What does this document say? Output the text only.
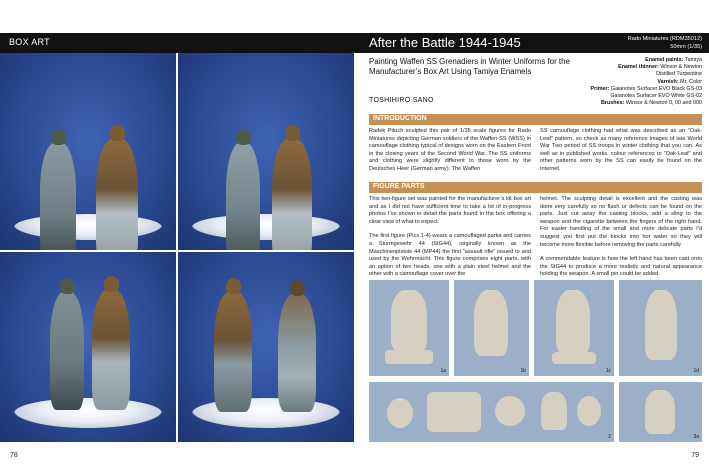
BOX ART
78
After the Battle 1944-1945	Rado Miniatures (RDM35012)
50mm (1/35)
Painting Waffen SS Grenadiers in Winter Uniforms for the Manufacturer’s Box Art Using Tamiya Enamels
TOSHIHIRO SANO
Enamel paints: Tamiya
Enamel thinner: Winsor & Newton
Distilled Turpentine
Varnish: Mr. Color
Primer: Gaianotes Surfacer EVO Black GS-03
Gaianotes Surfacer EVO White GS-02
Brushes: Winsor & Newton 0, 00 and 000
INTRODUCTION

Radek Pituch sculpted this pair of 1/35 scale figures for Rado Miniatures depicting German soldiers of the Waffen-SS (WSS) in camouflage clothing typical of designs worn on the Eastern Front in the closing years of the Second World War. The SS uniforms and clothing were slightly different to those worn by the Deutsches Heer (German army). The Waffen

SS camouflage clothing had what was described as an “Oak-Leaf” pattern, so check as many reference images of late World War Two period of SS troops in winter clothing that you can. As well as in published works, colour references to “Oak-Leaf” and other patterns worn by the SS can easily be found on the Internet.

FIGURE PARTS

This two-figure set was painted for the manufacturer’s kit box art and as I did not have sufficient time to take a lot of in-progress photos I’ve shown in detail the parts found in the box offering a clear view of what to expect.

The first figure (Pics 1-4) wears a camouflaged parka and carries a Sturmgewehr 44 (StG44), originally known as the Maschinenpistole 44 (MP44) the first “assault rifle” issued to and used by the Wehrmacht. This figure comprises eight parts, with an option of two heads, one with a plain steel helmet and the other with a camouflage cover over the

helmet. The sculpting detail is excellent and the casting was done very carefully so no flash or defects can be found on the parts. Just cut away the casting blocks, add a sling to the weapon and the cigarette between the fingers of the right hand. For easier handling of the small and more delicate parts I’d suggest you first put the blocks into hot water so they will become more flexible before removing the parts carefully.

A commendable feature is how the left hand has been cast onto the StG44 to produce a more realistic and natural appearance holding the weapon. A small pin could be added

1a	1b	1c	1d
2	3a
79
